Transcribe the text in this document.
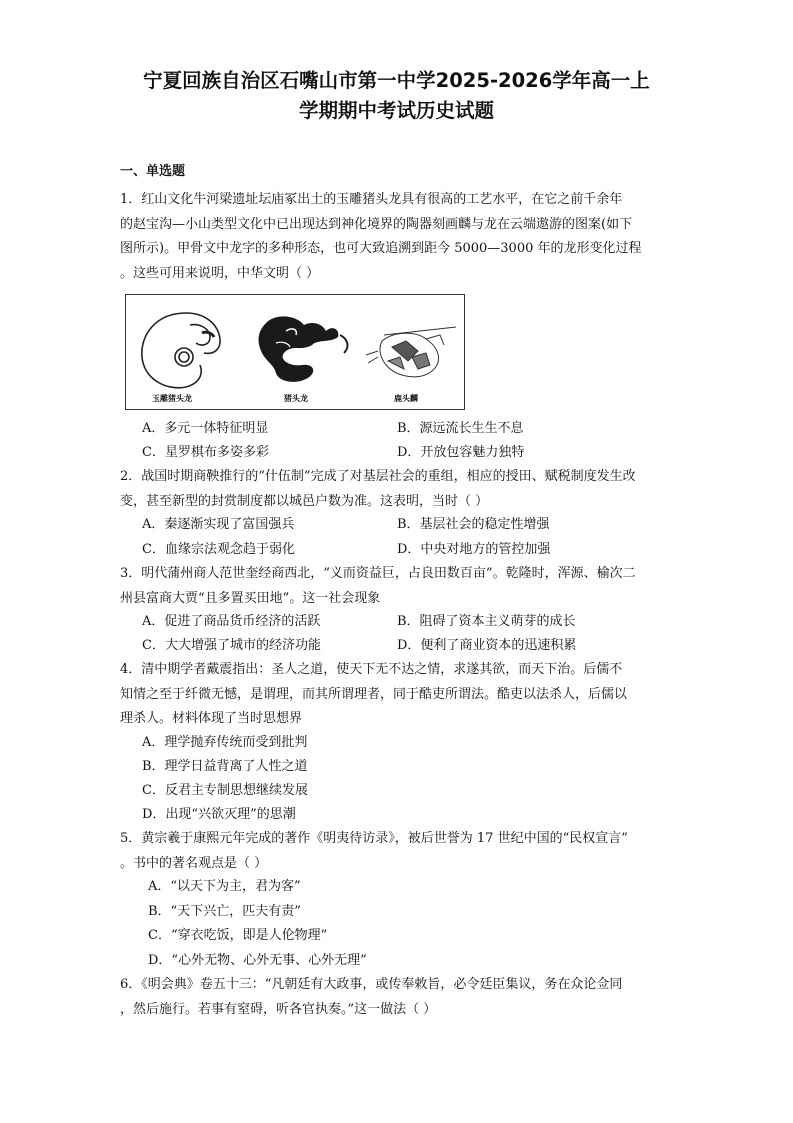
宁夏回族自治区石嘴山市第一中学2025-2026学年高一上
学期期中考试历史试题
一、单选题
1．红山文化牛河梁遗址坛庙冢出土的玉雕猪头龙具有很高的工艺水平，在它之前千余年
的赵宝沟—小山类型文化中已出现达到神化境界的陶器刻画麟与龙在云端遨游的图案(如下
图所示)。甲骨文中龙字的多种形态，也可大致追溯到距今 5000—3000 年的龙形变化过程
。这些可用来说明，中华文明（ ）
玉雕猪头龙	猪头龙	鹿头麟
A．多元一体特征明显	B．源远流长生生不息
C．星罗棋布多姿多彩	D．开放包容魅力独特
2．战国时期商鞅推行的“什伍制”完成了对基层社会的重组，相应的授田、赋税制度发生改
变，甚至新型的封赏制度都以城邑户数为准。这表明，当时（ ）
A．秦逐渐实现了富国强兵	B．基层社会的稳定性增强
C．血缘宗法观念趋于弱化	D．中央对地方的管控加强
3．明代蒲州商人范世奎经商西北，“义而资益巨，占良田数百亩”。乾隆时，浑源、榆次二
州县富商大贾“且多置买田地”。这一社会现象
A．促进了商品货币经济的活跃	B．阻碍了资本主义萌芽的成长
C．大大增强了城市的经济功能	D．便利了商业资本的迅速积累
4．清中期学者戴震指出：圣人之道，使天下无不达之情，求遂其欲，而天下治。后儒不
知情之至于纤微无憾，是谓理，而其所谓理者，同于酷吏所谓法。酷吏以法杀人，后儒以
理杀人。材料体现了当时思想界
A．理学抛弃传统而受到批判
B．理学日益背离了人性之道
C．反君主专制思想继续发展
D．出现“兴欲灭理”的思潮
5．黄宗羲于康熙元年完成的著作《明夷待访录》，被后世誉为 17 世纪中国的“民权宣言”
。书中的著名观点是（ ）
A．“以天下为主，君为客”
B．“天下兴亡，匹夫有责”
C．“穿衣吃饭，即是人伦物理”
D．“心外无物、心外无事、心外无理”
6．《明会典》卷五十三：“凡朝廷有大政事，或传奉敕旨，必令廷臣集议，务在众论佥同
，然后施行。若事有窒碍，听各官执奏。”这一做法（ ）
